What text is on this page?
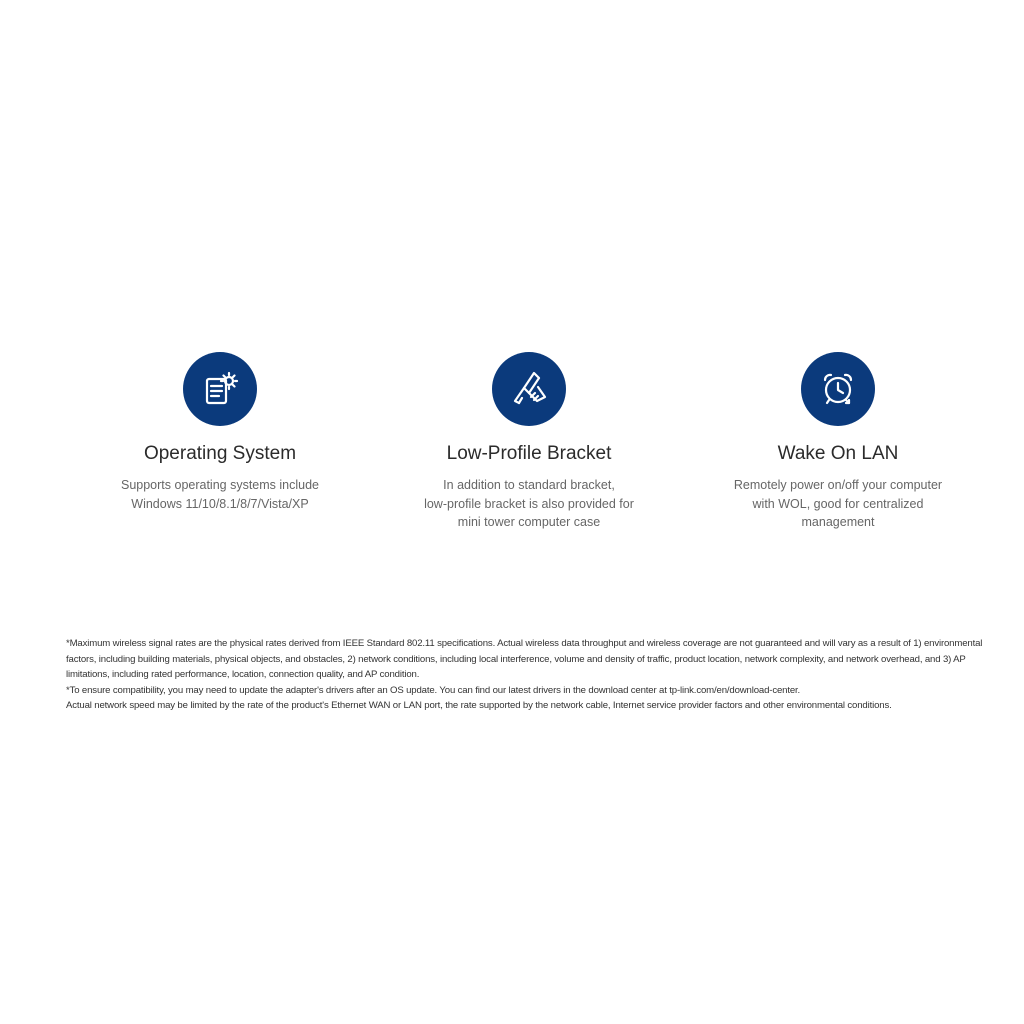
Operating System
Supports operating systems include
Windows 11/10/8.1/8/7/Vista/XP
Low-Profile Bracket
In addition to standard bracket,
low-profile bracket is also provided for
mini tower computer case
Wake On LAN
Remotely power on/off your computer
with WOL, good for centralized
management

*Maximum wireless signal rates are the physical rates derived from IEEE Standard 802.11 specifications. Actual wireless data throughput and wireless coverage are not guaranteed and will vary as a result of 1) environmental factors, including building materials, physical objects, and obstacles, 2) network conditions, including local interference, volume and density of traffic, product location, network complexity, and network overhead, and 3) AP limitations, including rated performance, location, connection quality, and AP condition.

*To ensure compatibility, you may need to update the adapter's drivers after an OS update. You can find our latest drivers in the download center at tp-link.com/en/download-center.

Actual network speed may be limited by the rate of the product's Ethernet WAN or LAN port, the rate supported by the network cable, Internet service provider factors and other environmental conditions.
